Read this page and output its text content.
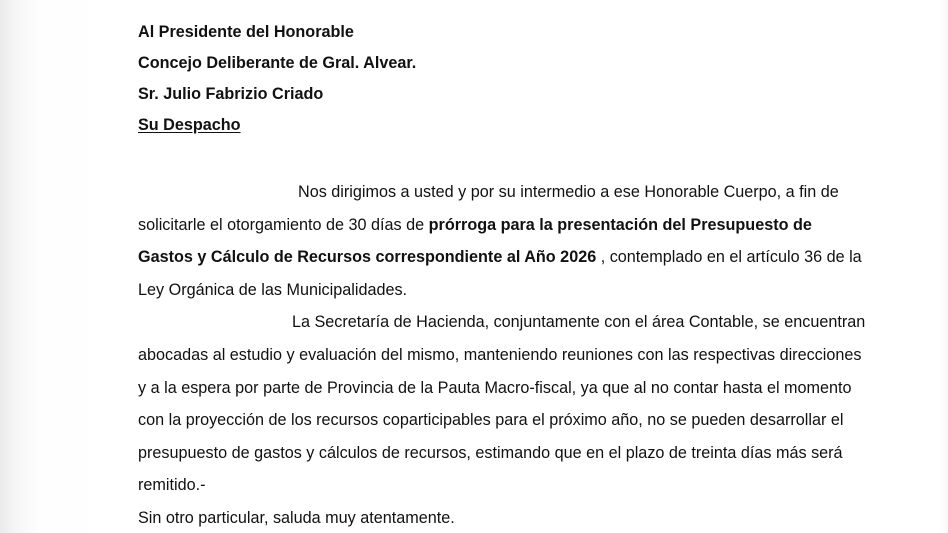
Al Presidente del Honorable

Concejo Deliberante de Gral. Alvear.

Sr. Julio Fabrizio Criado

Su Despacho

Nos dirigimos a usted y por su intermedio a ese Honorable Cuerpo, a fin de solicitarle el otorgamiento de 30 días de prórroga para la presentación del Presupuesto de Gastos y Cálculo de Recursos correspondiente al Año 2026 , contemplado en el artículo 36 de la Ley Orgánica de las Municipalidades.

La Secretaría de Hacienda, conjuntamente con el área Contable, se encuentran abocadas al estudio y evaluación del mismo, manteniendo reuniones con las respectivas direcciones y a la espera por parte de Provincia de la Pauta Macro-fiscal, ya que al no contar hasta el momento con la proyección de los recursos coparticipables para el próximo año, no se pueden desarrollar el presupuesto de gastos y cálculos de recursos, estimando que en el plazo de treinta días más será remitido.-

Sin otro particular, saluda muy atentamente.
